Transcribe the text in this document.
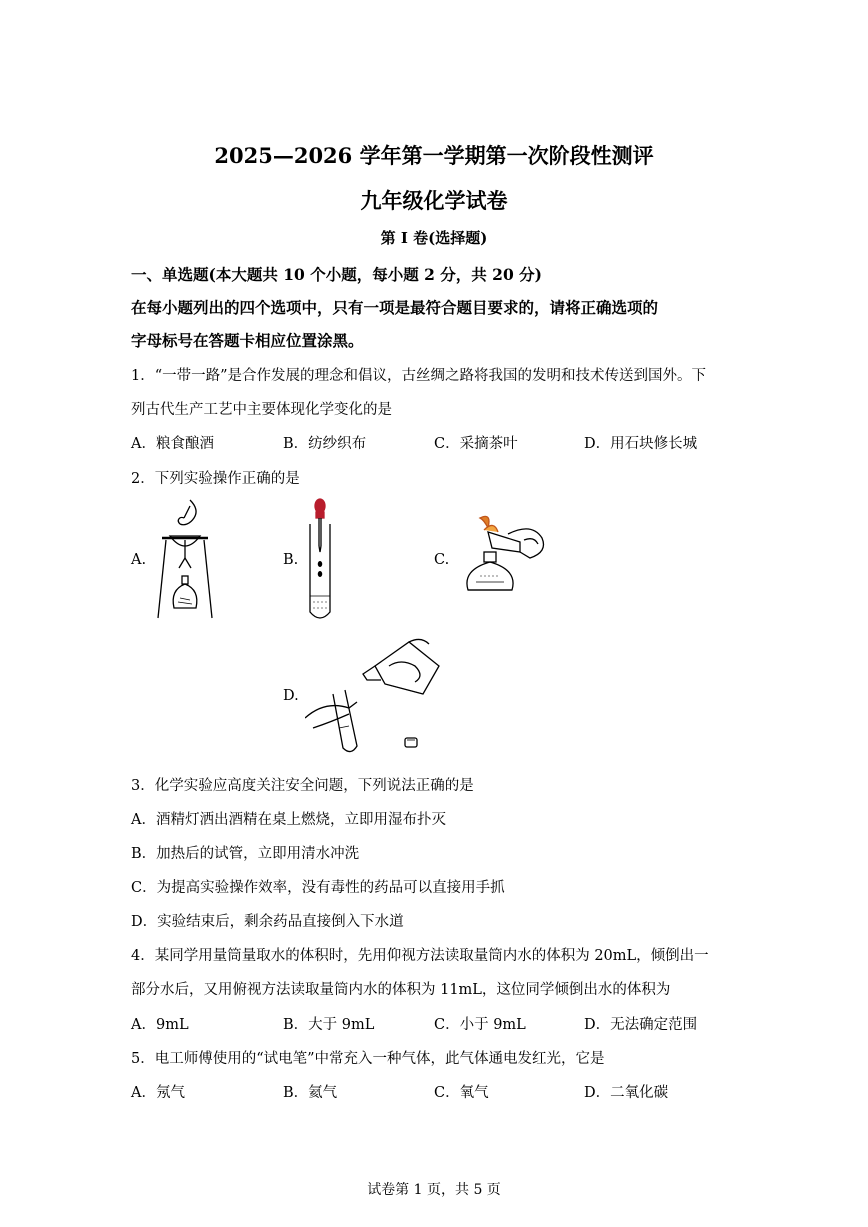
2025—2026 学年第一学期第一次阶段性测评
九年级化学试卷
第 I 卷(选择题)
一、单选题(本大题共 10 个小题，每小题 2 分，共 20 分)
在每小题列出的四个选项中，只有一项是最符合题目要求的，请将正确选项的
字母标号在答题卡相应位置涂黑。
1．“一带一路”是合作发展的理念和倡议，古丝绸之路将我国的发明和技术传送到国外。下
列古代生产工艺中主要体现化学变化的是
A．粮食酿酒	B．纺纱织布	C．采摘茶叶	D．用石块修长城
2．下列实验操作正确的是
A.	B.	C.
D.
3．化学实验应高度关注安全问题，下列说法正确的是
A．酒精灯洒出酒精在桌上燃烧，立即用湿布扑灭
B．加热后的试管，立即用清水冲洗
C．为提高实验操作效率，没有毒性的药品可以直接用手抓
D．实验结束后，剩余药品直接倒入下水道
4．某同学用量筒量取水的体积时，先用仰视方法读取量筒内水的体积为 20mL，倾倒出一
部分水后，又用俯视方法读取量筒内水的体积为 11mL，这位同学倾倒出水的体积为
A．9mL	B．大于 9mL	C．小于 9mL	D．无法确定范围
5．电工师傅使用的“试电笔”中常充入一种气体，此气体通电发红光，它是
A．氖气	B．氦气	C．氧气	D．二氧化碳
试卷第 1 页，共 5 页
